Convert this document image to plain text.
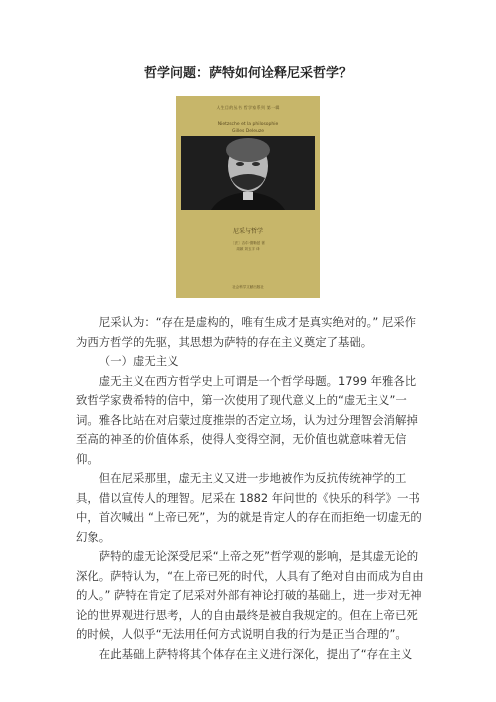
哲学问题：萨特如何诠释尼采哲学？
人生目的丛书 哲学家系列 第一辑
Nietzsche et la philosophie
Gilles Deleuze
尼采与哲学
［法］吉尔·德勒兹 著
周颖 刘玉宇 译
社会科学文献出版社

尼采认为：“存在是虚构的，唯有生成才是真实绝对的。” 尼采作为西方哲学的先驱，其思想为萨特的存在主义奠定了基础。

（一）虚无主义

虚无主义在西方哲学史上可谓是一个哲学母题。1799 年雅各比致哲学家费希特的信中，第一次使用了现代意义上的“虚无主义”一词。雅各比站在对启蒙过度推崇的否定立场，认为过分理智会消解掉至高的神圣的价值体系，使得人变得空洞，无价值也就意味着无信仰。

但在尼采那里，虚无主义又进一步地被作为反抗传统神学的工具，借以宣传人的理智。尼采在 1882 年问世的《快乐的科学》一书中，首次喊出 “上帝已死”，为的就是肯定人的存在而拒绝一切虚无的幻象。

萨特的虚无论深受尼采“上帝之死”哲学观的影响，是其虚无论的深化。萨特认为，“在上帝已死的时代，人具有了绝对自由而成为自由的人。” 萨特在肯定了尼采对外部有神论打破的基础上，进一步对无神论的世界观进行思考，人的自由最终是被自我规定的。但在上帝已死的时候，人似乎“无法用任何方式说明自我的行为是正当合理的”。

在此基础上萨特将其个体存在主义进行深化，提出了“存在主义
